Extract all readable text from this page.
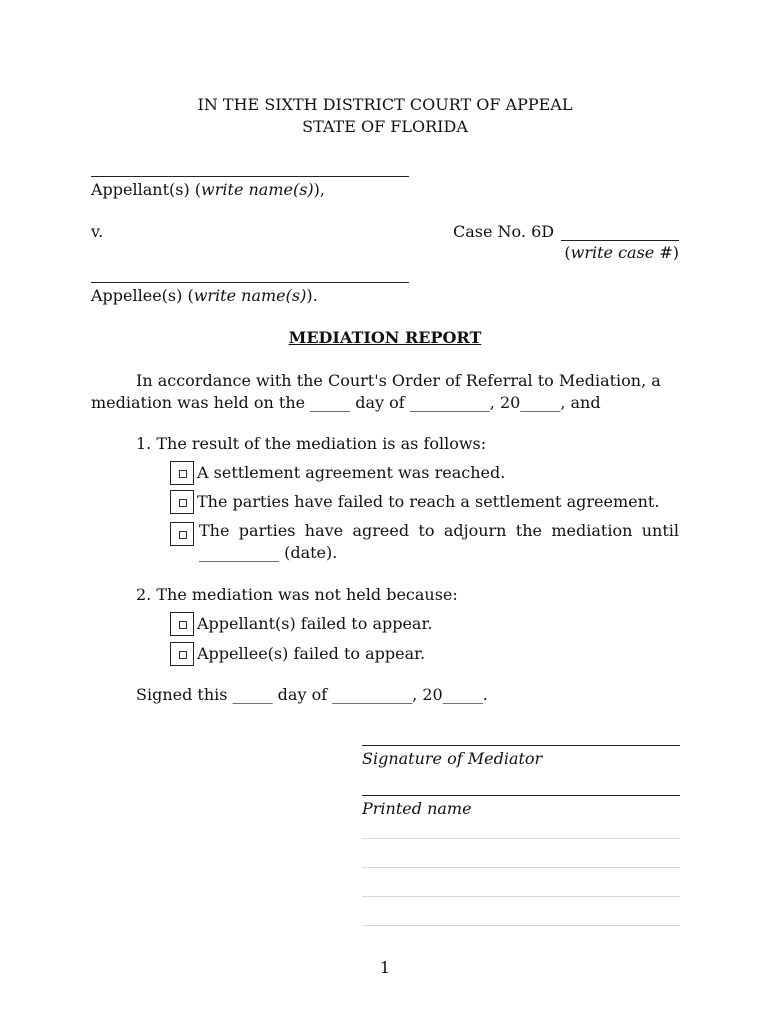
IN THE SIXTH DISTRICT COURT OF APPEAL
STATE OF FLORIDA
Appellant(s) (write name(s)),
v.	Case No. 6D
(write case #)
Appellee(s) (write name(s)).
MEDIATION REPORT
In accordance with the Court's Order of Referral to Mediation, a
mediation was held on the _____ day of __________, 20_____, and
1. The result of the mediation is as follows:
A settlement agreement was reached.
The parties have failed to reach a settlement agreement.
The parties have agreed to adjourn the mediation until
__________ (date).
2. The mediation was not held because:
Appellant(s) failed to appear.
Appellee(s) failed to appear.
Signed this _____ day of __________, 20_____.
Signature of Mediator
Printed name
1
